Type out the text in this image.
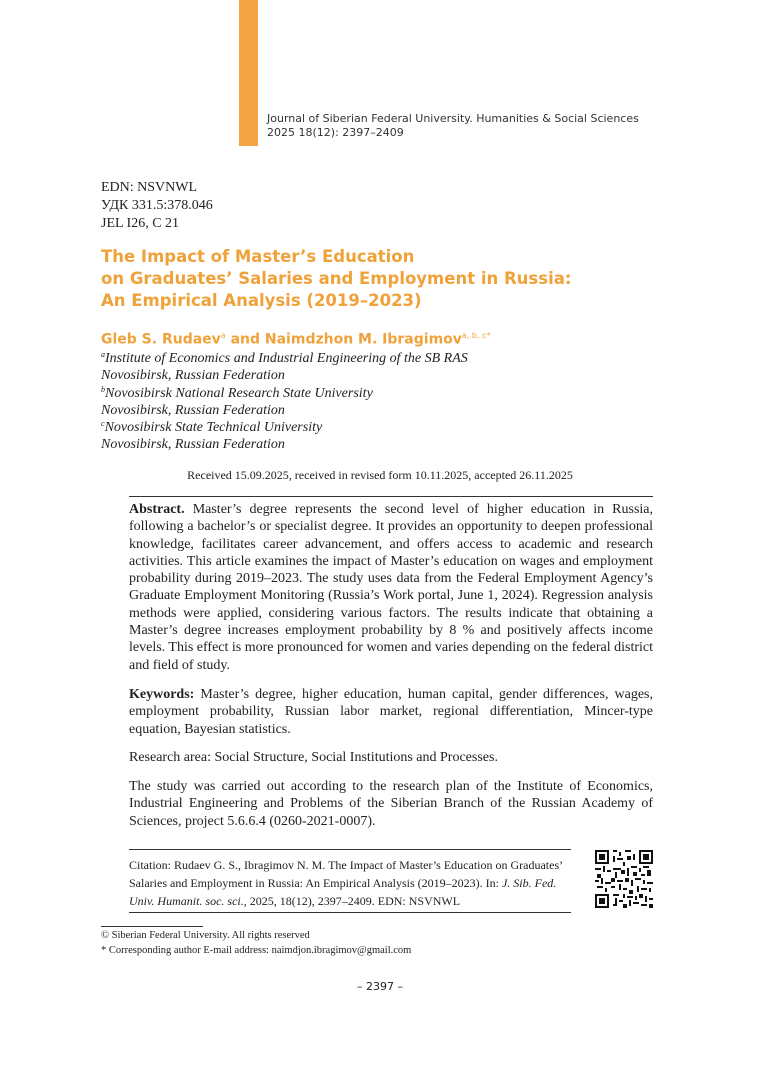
Journal of Siberian Federal University. Humanities & Social Sciences
2025 18(12): 2397–2409
EDN: NSVNWL
УДК 331.5:378.046
JEL I26, C 21
The Impact of Master’s Education
on Graduates’ Salaries and Employment in Russia:
An Empirical Analysis (2019–2023)
Gleb S. Rudaev$^a$ and Naimdzhon M. Ibragimov$^{a, b, c*}$
$^a$Institute of Economics and Industrial Engineering of the SB RAS
Novosibirsk, Russian Federation
$^b$Novosibirsk National Research State University
Novosibirsk, Russian Federation
$^c$Novosibirsk State Technical University
Novosibirsk, Russian Federation
Received 15.09.2025, received in revised form 10.11.2025, accepted 26.11.2025
Abstract. Master’s degree represents the second level of higher education in Russia, following a bachelor’s or specialist degree. It provides an opportunity to deepen professional knowledge, facilitates career advancement, and offers access to academic and research activities. This article examines the impact of Master’s education on wages and employment probability during 2019–2023. The study uses data from the Federal Employment Agency’s Graduate Employment Monitoring (Russia’s Work portal, June 1, 2024). Regression analysis methods were applied, considering various factors. The results indicate that obtaining a Master’s degree increases employment probability by 8 % and positively affects income levels. This effect is more pronounced for women and varies depending on the federal district and field of study.
Keywords: Master’s degree, higher education, human capital, gender differences, wages, employment probability, Russian labor market, regional differentiation, Mincer-type equation, Bayesian statistics.
Research area: Social Structure, Social Institutions and Processes.
The study was carried out according to the research plan of the Institute of Economics, Industrial Engineering and Problems of the Siberian Branch of the Russian Academy of Sciences, project 5.6.6.4 (0260-2021-0007).
Citation: Rudaev G. S., Ibragimov N. M. The Impact of Master’s Education on Graduates’
Salaries and Employment in Russia: An Empirical Analysis (2019–2023). In: J. Sib. Fed.
Univ. Humanit. soc. sci., 2025, 18(12), 2397–2409. EDN: NSVNWL
© Siberian Federal University. All rights reserved
* Corresponding author E-mail address: naimdjon.ibragimov@gmail.com
– 2397 –
